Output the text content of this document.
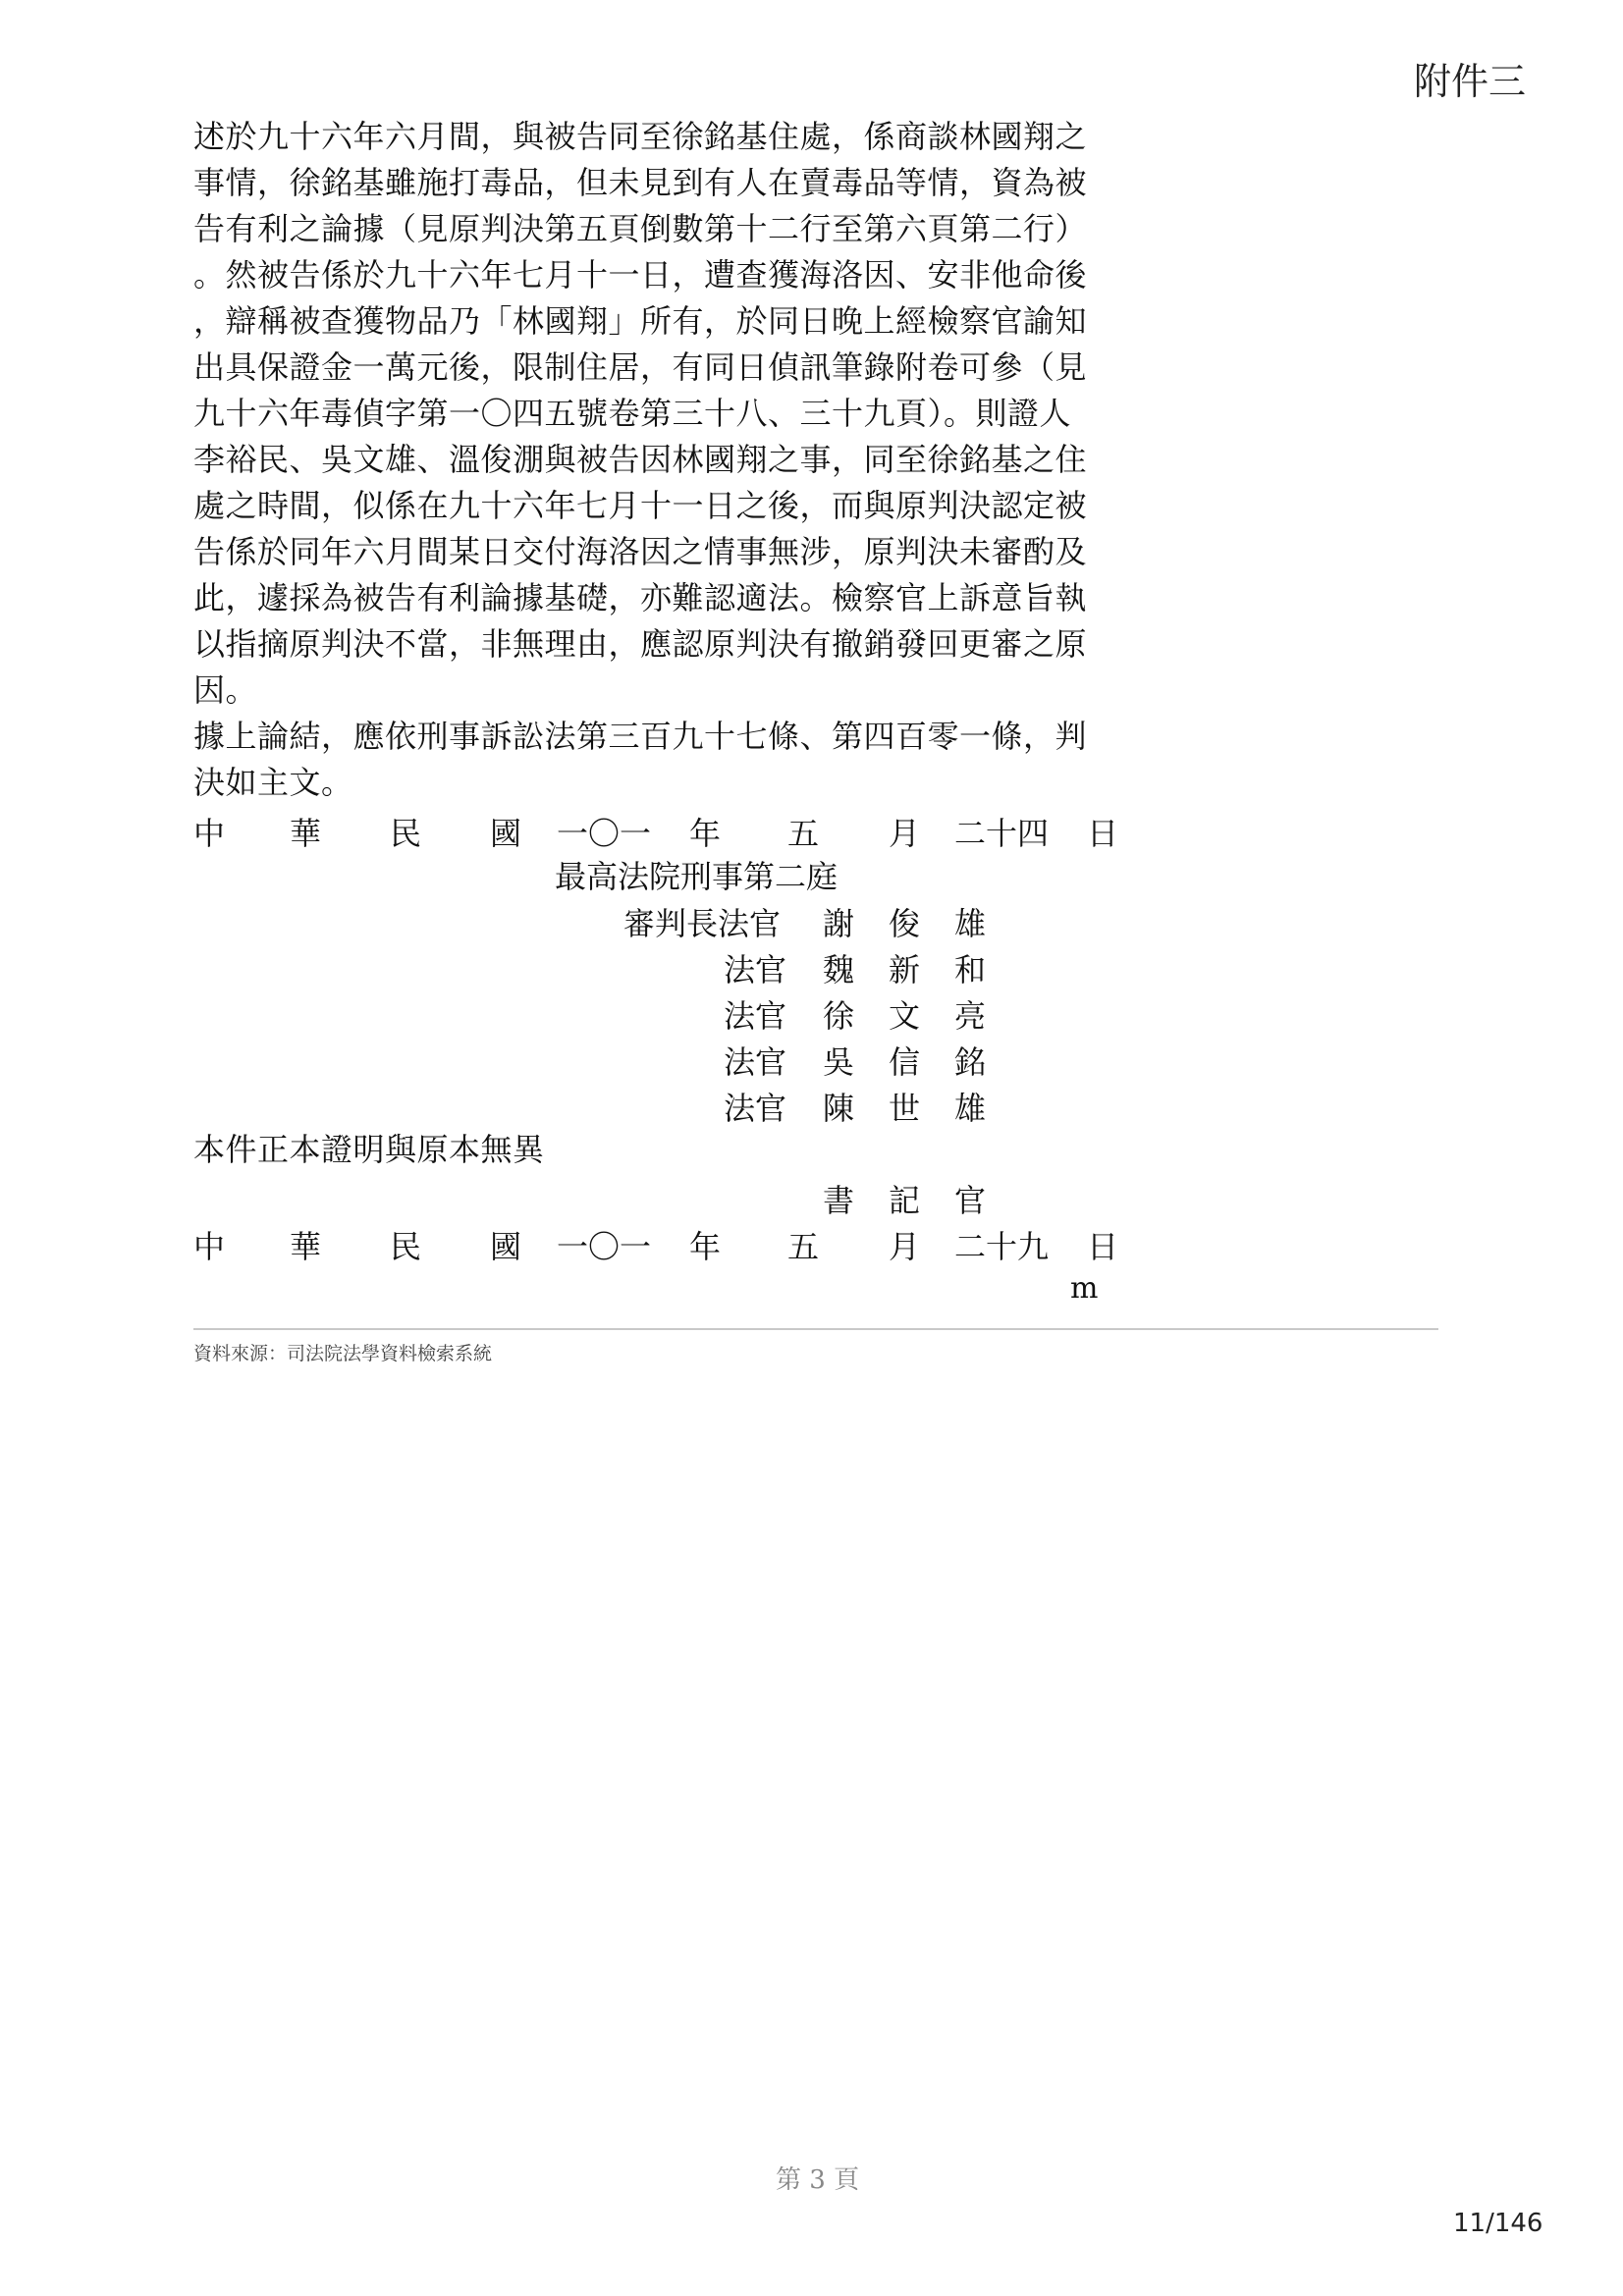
附件三
述於九十六年六月間，與被告同至徐銘基住處，係商談林國翔之
事情，徐銘基雖施打毒品，但未見到有人在賣毒品等情，資為被
告有利之論據（見原判決第五頁倒數第十二行至第六頁第二行）
。然被告係於九十六年七月十一日，遭查獲海洛因、安非他命後
，辯稱被查獲物品乃「林國翔」所有，於同日晚上經檢察官諭知
出具保證金一萬元後，限制住居，有同日偵訊筆錄附卷可參（見
九十六年毒偵字第一〇四五號卷第三十八、三十九頁）。則證人
李裕民、吳文雄、溫俊淜與被告因林國翔之事，同至徐銘基之住
處之時間，似係在九十六年七月十一日之後，而與原判決認定被
告係於同年六月間某日交付海洛因之情事無涉，原判決未審酌及
此，遽採為被告有利論據基礎，亦難認適法。檢察官上訴意旨執
以指摘原判決不當，非無理由，應認原判決有撤銷發回更審之原
因。
據上論結，應依刑事訴訟法第三百九十七條、第四百零一條，判
決如主文。
中 華 民 國 一〇一 年 五 月 二十四 日
最高法院刑事第二庭
審判長法官 謝 俊 雄
法官 魏 新 和
法官 徐 文 亮
法官 吳 信 銘
法官 陳 世 雄
本件正本證明與原本無異
書 記 官
中 華 民 國 一〇一 年 五 月 二十九 日
m
資料來源：司法院法學資料檢索系統
第 3 頁
11/146
